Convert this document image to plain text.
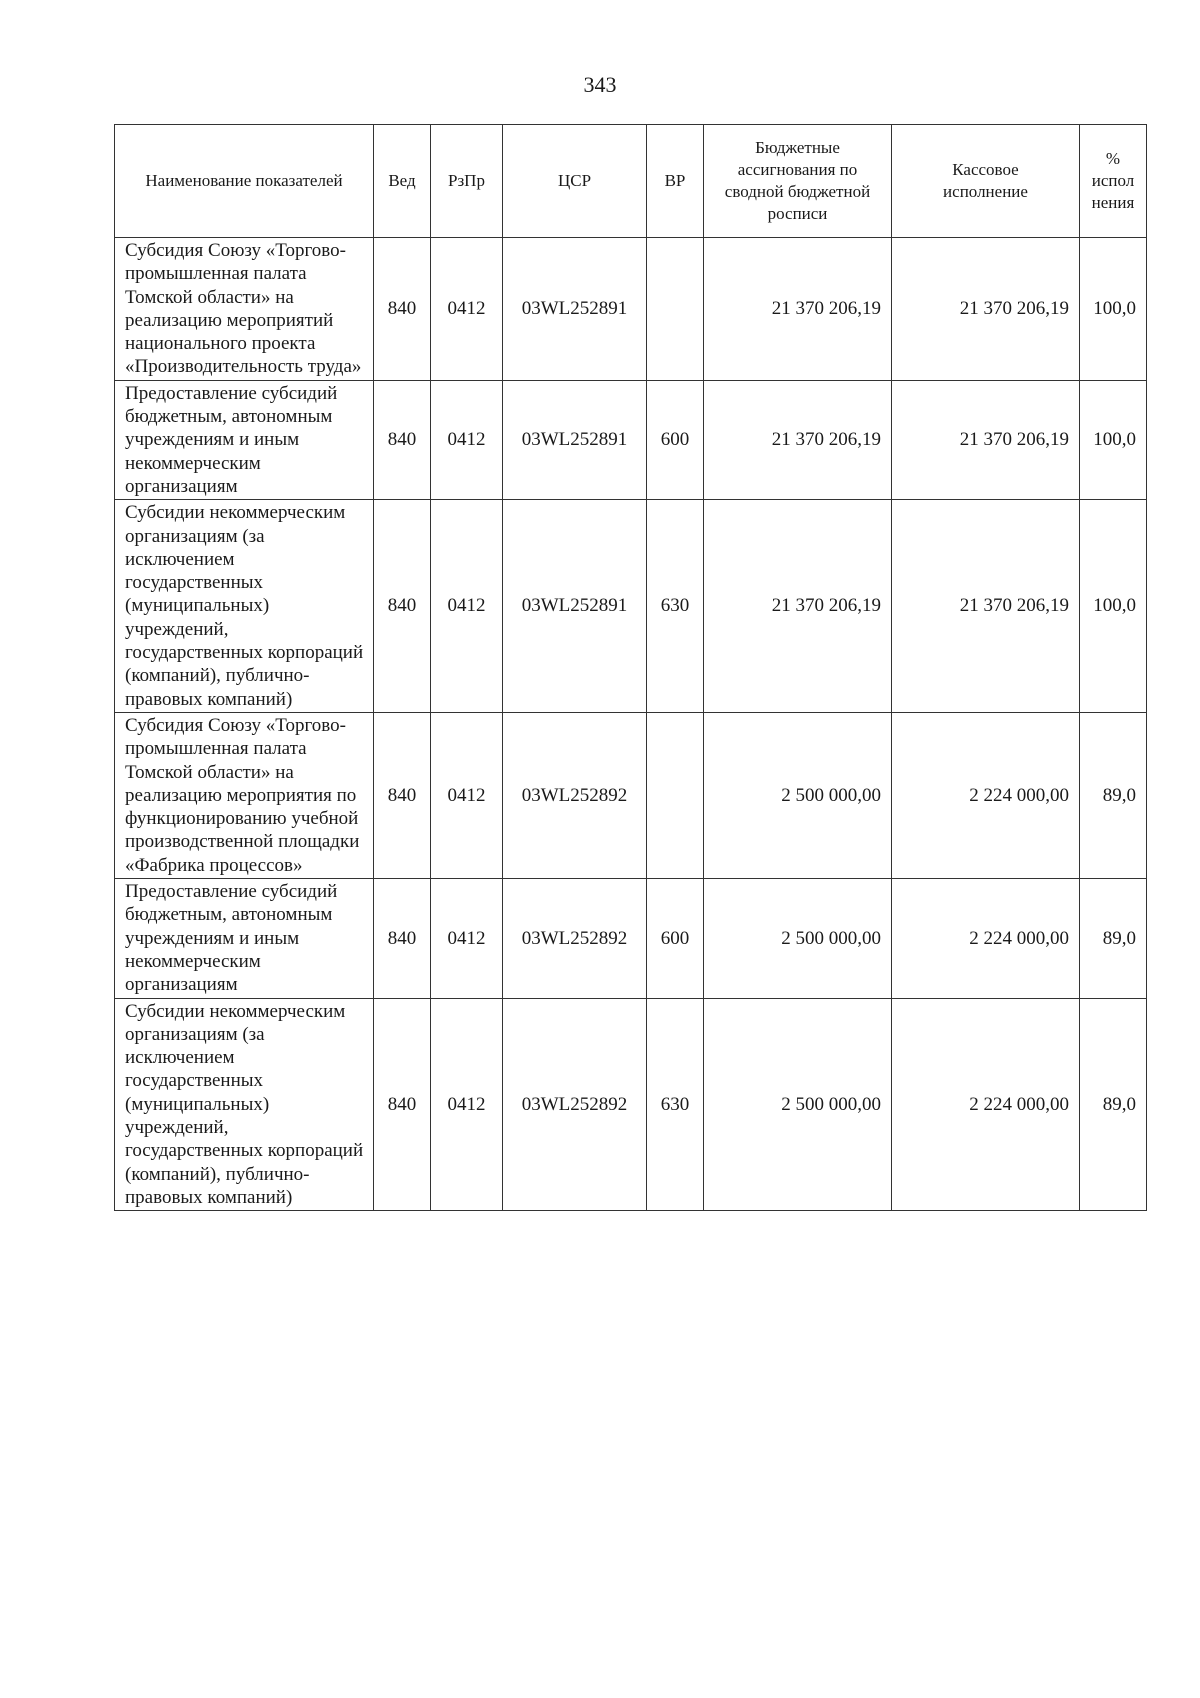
343
Наименование показателей	Вед	РзПр	ЦСР	ВР	Бюджетные ассигнования по сводной бюджетной росписи	Кассовое исполнение	% испол нения
Субсидия Союзу «Торгово-промышленная палата Томской области» на реализацию мероприятий национального проекта «Производительность труда»	840	0412	03WL252891		21 370 206,19	21 370 206,19	100,0
Предоставление субсидий бюджетным, автономным учреждениям и иным некоммерческим организациям	840	0412	03WL252891	600	21 370 206,19	21 370 206,19	100,0
Субсидии некоммерческим организациям (за исключением государственных (муниципальных) учреждений, государственных корпораций (компаний), публично-правовых компаний)	840	0412	03WL252891	630	21 370 206,19	21 370 206,19	100,0
Субсидия Союзу «Торгово-промышленная палата Томской области» на реализацию мероприятия по функционированию учебной производственной площадки «Фабрика процессов»	840	0412	03WL252892		2 500 000,00	2 224 000,00	89,0
Предоставление субсидий бюджетным, автономным учреждениям и иным некоммерческим организациям	840	0412	03WL252892	600	2 500 000,00	2 224 000,00	89,0
Субсидии некоммерческим организациям (за исключением государственных (муниципальных) учреждений, государственных корпораций (компаний), публично-правовых компаний)	840	0412	03WL252892	630	2 500 000,00	2 224 000,00	89,0
